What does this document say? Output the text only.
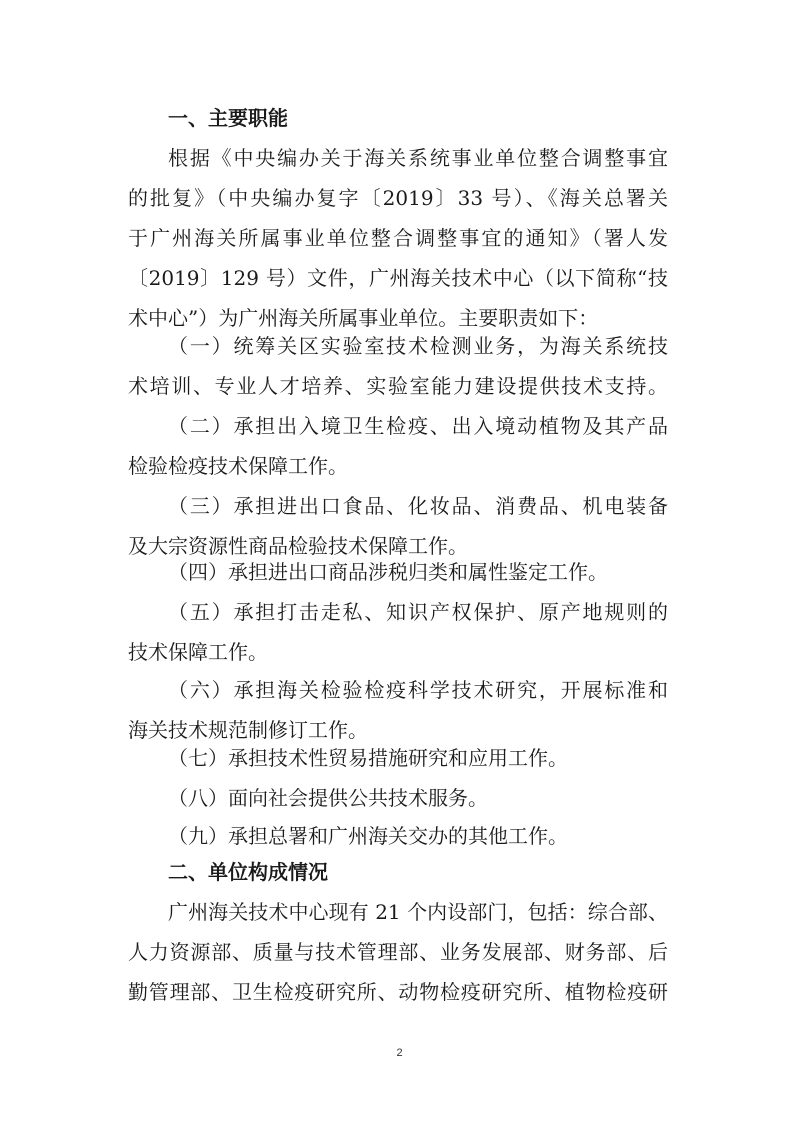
一、主要职能
根据《中央编办关于海关系统事业单位整合调整事宜
的批复》（中央编办复字〔2019〕33 号）、《海关总署关
于广州海关所属事业单位整合调整事宜的通知》（署人发
〔2019〕129 号）文件，广州海关技术中心（以下简称“技
术中心”）为广州海关所属事业单位。主要职责如下：
（一）统筹关区实验室技术检测业务，为海关系统技
术培训、专业人才培养、实验室能力建设提供技术支持。
（二）承担出入境卫生检疫、出入境动植物及其产品
检验检疫技术保障工作。
（三）承担进出口食品、化妆品、消费品、机电装备
及大宗资源性商品检验技术保障工作。
（四）承担进出口商品涉税归类和属性鉴定工作。
（五）承担打击走私、知识产权保护、原产地规则的
技术保障工作。
（六）承担海关检验检疫科学技术研究，开展标准和
海关技术规范制修订工作。
（七）承担技术性贸易措施研究和应用工作。
（八）面向社会提供公共技术服务。
（九）承担总署和广州海关交办的其他工作。
二、单位构成情况
广州海关技术中心现有 21 个内设部门，包括：综合部、
人力资源部、质量与技术管理部、业务发展部、财务部、后
勤管理部、卫生检疫研究所、动物检疫研究所、植物检疫研
2
